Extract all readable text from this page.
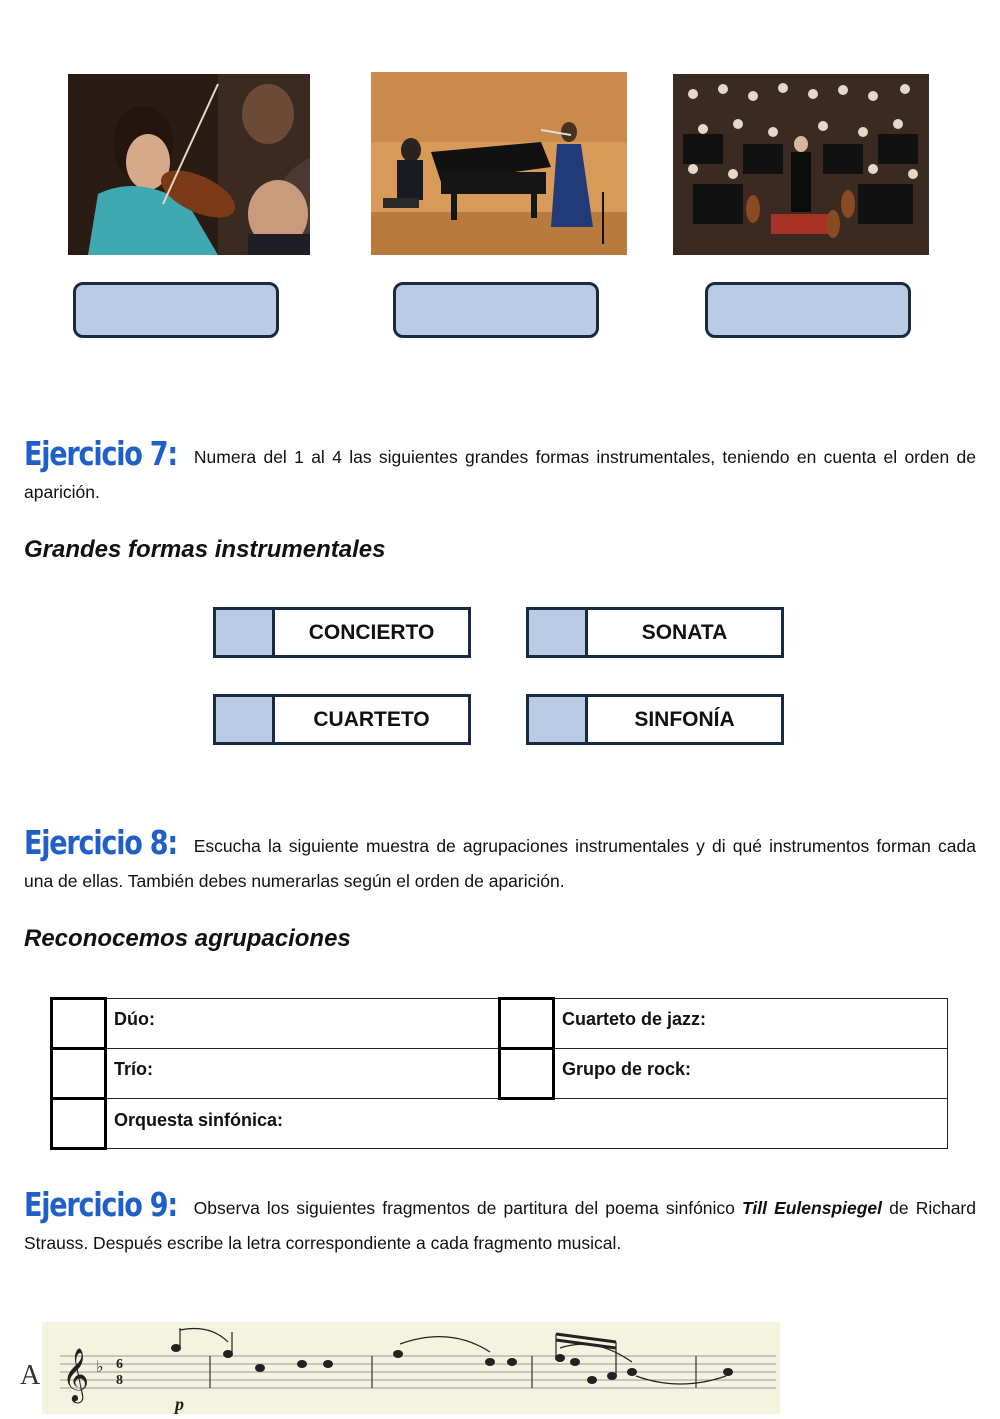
Ejercicio 7: Numera del 1 al 4 las siguientes grandes formas instrumentales, teniendo en cuenta el orden de aparición.
Grandes formas instrumentales
CONCIERTO	SONATA
CUARTETO	SINFONÍA
Ejercicio 8: Escucha la siguiente muestra de agrupaciones instrumentales y di qué instrumentos forman cada una de ellas. También debes numerarlas según el orden de aparición.
Reconocemos agrupaciones
	Dúo:		Cuarteto de jazz:
	Trío:		Grupo de rock:
	Orquesta sinfónica:		
Ejercicio 9: Observa los siguientes fragmentos de partitura del poema sinfónico Till Eulenspiegel de Richard Strauss. Después escribe la letra correspondiente a cada fragmento musical.
A 𝄞 ♭ 6
8
p
